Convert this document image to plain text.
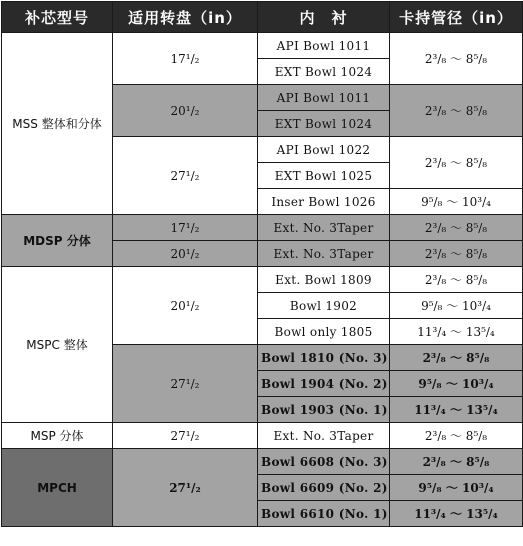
补芯型号	适用转盘（in）	内　衬	卡持管径（in）
MSS 整体和分体	17¹/₂	API Bowl 1011	2³/₈ ～ 8⁵/₈
		EXT Bowl 1024	
	20¹/₂	API Bowl 1011	2³/₈ ～ 8⁵/₈
		EXT Bowl 1024	
	27¹/₂	API Bowl 1022	2³/₈ ～ 8⁵/₈
		EXT Bowl 1025	
		Inser Bowl 1026	9⁵/₈ ～ 10³/₄
MDSP 分体	17¹/₂	Ext. No. 3Taper	2³/₈ ～ 8⁵/₈
	20¹/₂	Ext. No. 3Taper	2³/₈ ～ 8⁵/₈
MSPC 整体	20¹/₂	Ext. Bowl 1809	2³/₈ ～ 8⁵/₈
		Bowl 1902	9⁵/₈ ～ 10³/₄
		Bowl only 1805	11³/₄ ～ 13⁵/₄
	27¹/₂	Bowl 1810 (No. 3)	2³/₈ ～ 8⁵/₈
		Bowl 1904 (No. 2)	9⁵/₈ ～ 10³/₄
		Bowl 1903 (No. 1)	11³/₄ ～ 13⁵/₄
MSP 分体	27¹/₂	Ext. No. 3Taper	2³/₈ ～ 8⁵/₈
MPCH	27¹/₂	Bowl 6608 (No. 3)	2³/₈ ～ 8⁵/₈
		Bowl 6609 (No. 2)	9⁵/₈ ～ 10³/₄
		Bowl 6610 (No. 1)	11³/₄ ～ 13⁵/₄
